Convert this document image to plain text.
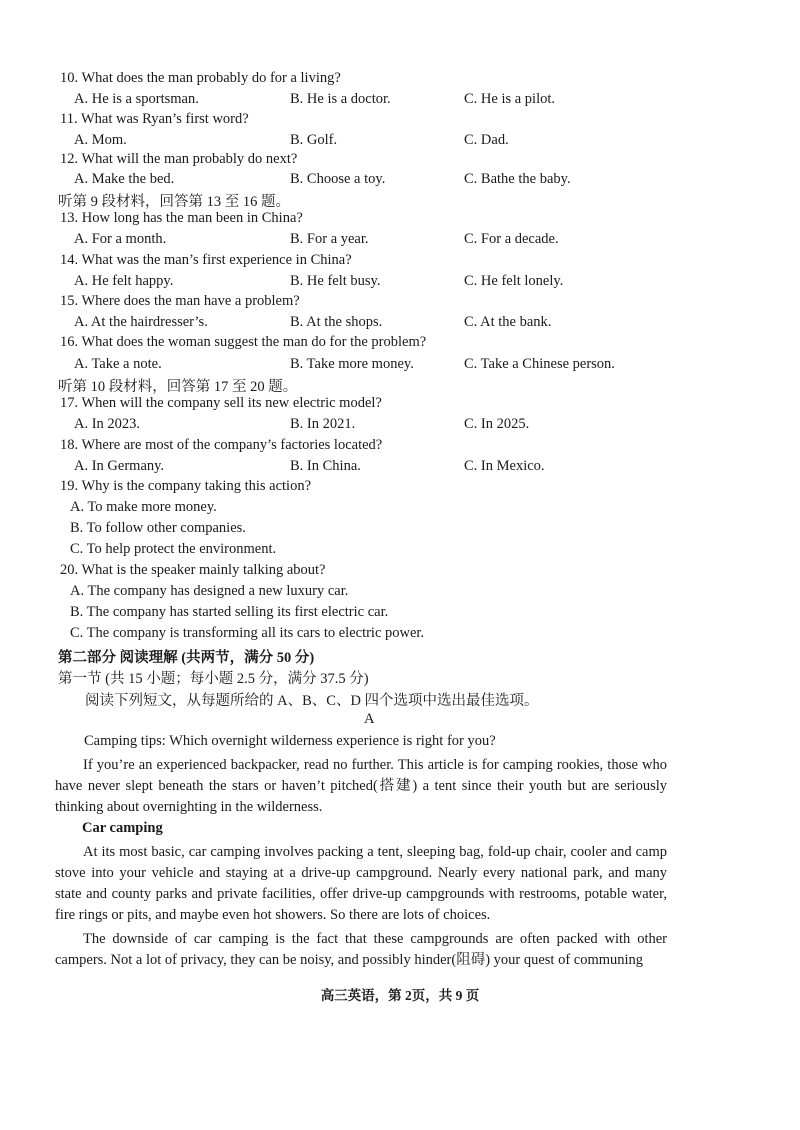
10. What does the man probably do for a living?
A. He is a sportsman.	B. He is a doctor.	C. He is a pilot.
11. What was Ryan’s first word?
A. Mom.	B. Golf.	C. Dad.
12. What will the man probably do next?
A. Make the bed.	B. Choose a toy.	C. Bathe the baby.
听第 9 段材料，回答第 13 至 16 题。
13. How long has the man been in China?
A. For a month.	B. For a year.	C. For a decade.
14. What was the man’s first experience in China?
A. He felt happy.	B. He felt busy.	C. He felt lonely.
15. Where does the man have a problem?
A. At the hairdresser’s.	B. At the shops.	C. At the bank.
16. What does the woman suggest the man do for the problem?
A. Take a note.	B. Take more money.	C. Take a Chinese person.
听第 10 段材料，回答第 17 至 20 题。
17. When will the company sell its new electric model?
A. In 2023.	B. In 2021.	C. In 2025.
18. Where are most of the company’s factories located?
A. In Germany.	B. In China.	C. In Mexico.
19. Why is the company taking this action?
A. To make more money.
B. To follow other companies.
C. To help protect the environment.
20. What is the speaker mainly talking about?
A. The company has designed a new luxury car.
B. The company has started selling its first electric car.
C. The company is transforming all its cars to electric power.
第二部分 阅读理解 (共两节，满分 50 分)
第一节 (共 15 小题；每小题 2.5 分，满分 37.5 分)
阅读下列短文，从每题所给的 A、B、C、D 四个选项中选出最佳选项。
A
Camping tips: Which overnight wilderness experience is right for you?
If you’re an experienced backpacker, read no further. This article is for camping rookies, those who have never slept beneath the stars or haven’t pitched(搭建) a tent since their youth but are seriously thinking about overnighting in the wilderness.
Car camping
At its most basic, car camping involves packing a tent, sleeping bag, fold-up chair, cooler and camp stove into your vehicle and staying at a drive-up campground. Nearly every national park, and many state and county parks and private facilities, offer drive-up campgrounds with restrooms, potable water, fire rings or pits, and maybe even hot showers. So there are lots of choices.
The downside of car camping is the fact that these campgrounds are often packed with other campers. Not a lot of privacy, they can be noisy, and possibly hinder(阻碍) your quest of communing
高三英语，第 2页，共 9 页
